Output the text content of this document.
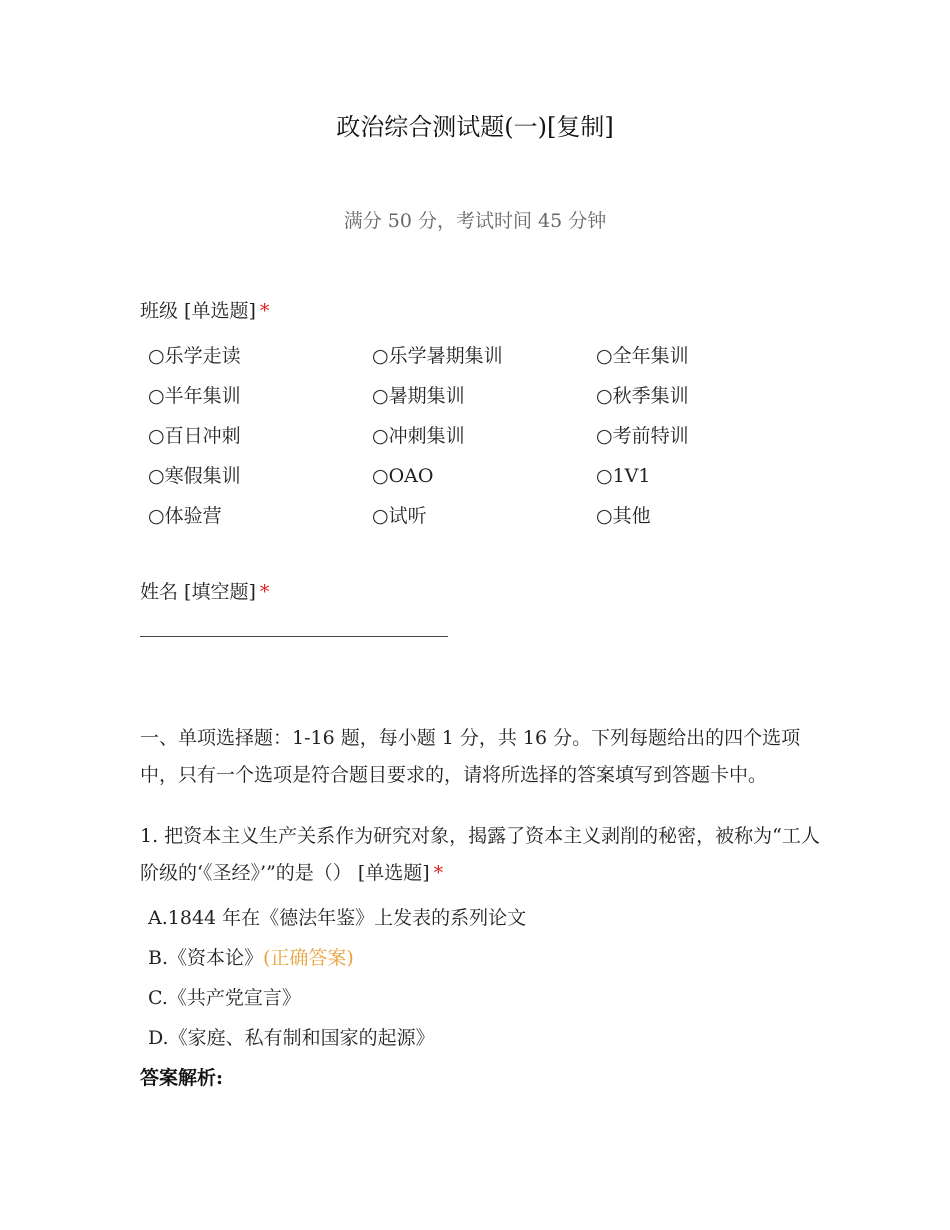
政治综合测试题(一)[复制]
满分 50 分，考试时间 45 分钟
班级 [单选题] *
○乐学走读	○乐学暑期集训	○全年集训
○半年集训	○暑期集训	○秋季集训
○百日冲刺	○冲刺集训	○考前特训
○寒假集训	○OAO	○1V1
○体验营	○试听	○其他
姓名 [填空题] *
一、单项选择题：1-16 题，每小题 1 分，共 16 分。下列每题给出的四个选项中，只有一个选项是符合题目要求的，请将所选择的答案填写到答题卡中。
1. 把资本主义生产关系作为研究对象，揭露了资本主义剥削的秘密，被称为“工人阶级的‘《圣经》’”的是（） [单选题] *
A.1844 年在《德法年鉴》上发表的系列论文
B.《资本论》(正确答案)
C.《共产党宣言》
D.《家庭、私有制和国家的起源》
答案解析:
